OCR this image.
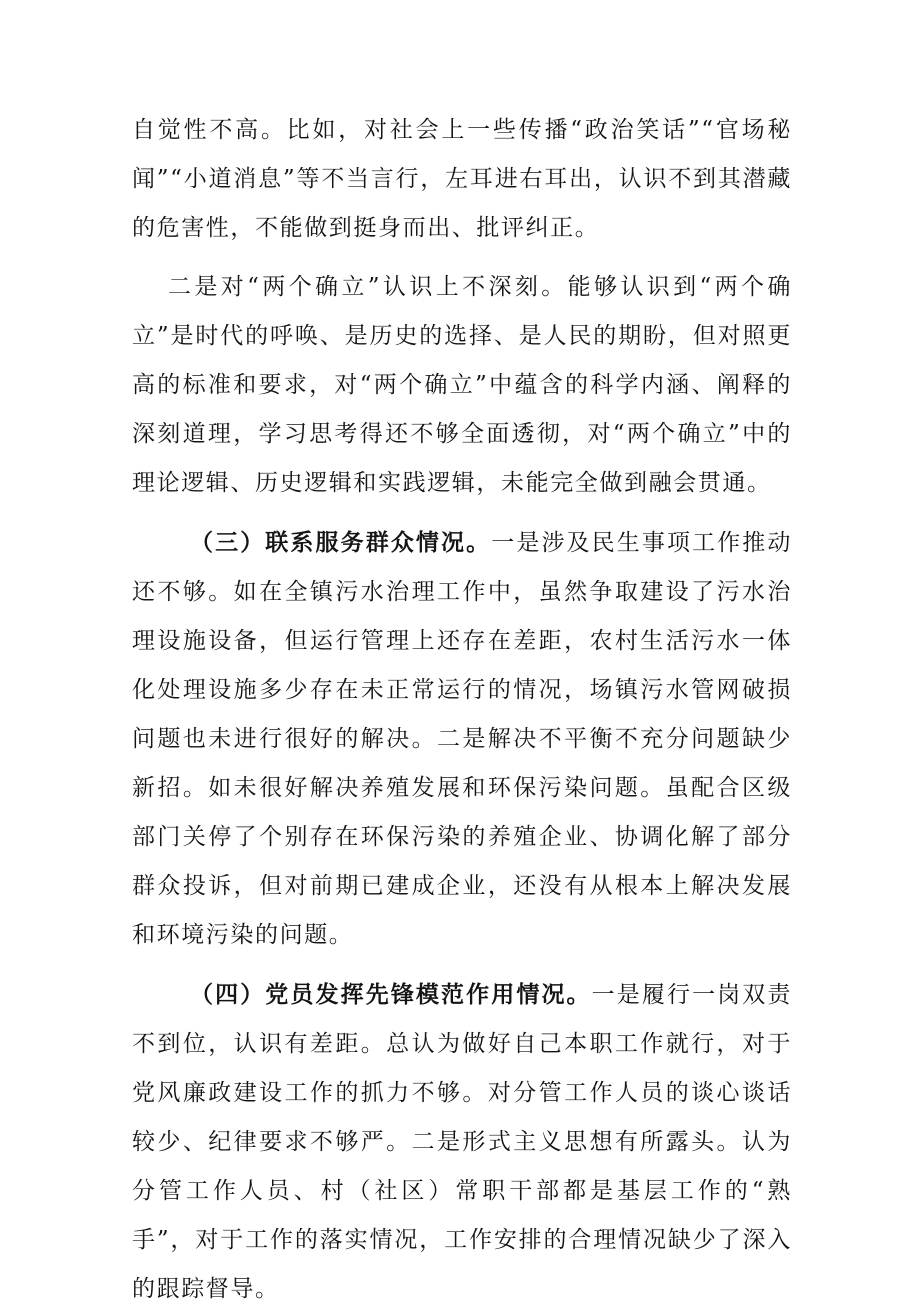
自觉性不高。比如，对社会上一些传播“政治笑话”“官场秘闻”“小道消息”等不当言行，左耳进右耳出，认识不到其潜藏的危害性，不能做到挺身而出、批评纠正。

二是对“两个确立”认识上不深刻。能够认识到“两个确立”是时代的呼唤、是历史的选择、是人民的期盼，但对照更高的标准和要求，对“两个确立”中蕴含的科学内涵、阐释的深刻道理，学习思考得还不够全面透彻，对“两个确立”中的理论逻辑、历史逻辑和实践逻辑，未能完全做到融会贯通。

（三）联系服务群众情况。一是涉及民生事项工作推动还不够。如在全镇污水治理工作中，虽然争取建设了污水治理设施设备，但运行管理上还存在差距，农村生活污水一体化处理设施多少存在未正常运行的情况，场镇污水管网破损问题也未进行很好的解决。二是解决不平衡不充分问题缺少新招。如未很好解决养殖发展和环保污染问题。虽配合区级部门关停了个别存在环保污染的养殖企业、协调化解了部分群众投诉，但对前期已建成企业，还没有从根本上解决发展和环境污染的问题。

（四）党员发挥先锋模范作用情况。一是履行一岗双责不到位，认识有差距。总认为做好自己本职工作就行，对于党风廉政建设工作的抓力不够。对分管工作人员的谈心谈话较少、纪律要求不够严。二是形式主义思想有所露头。认为分管工作人员、村（社区）常职干部都是基层工作的“熟手”，对于工作的落实情况，工作安排的合理情况缺少了深入的跟踪督导。
